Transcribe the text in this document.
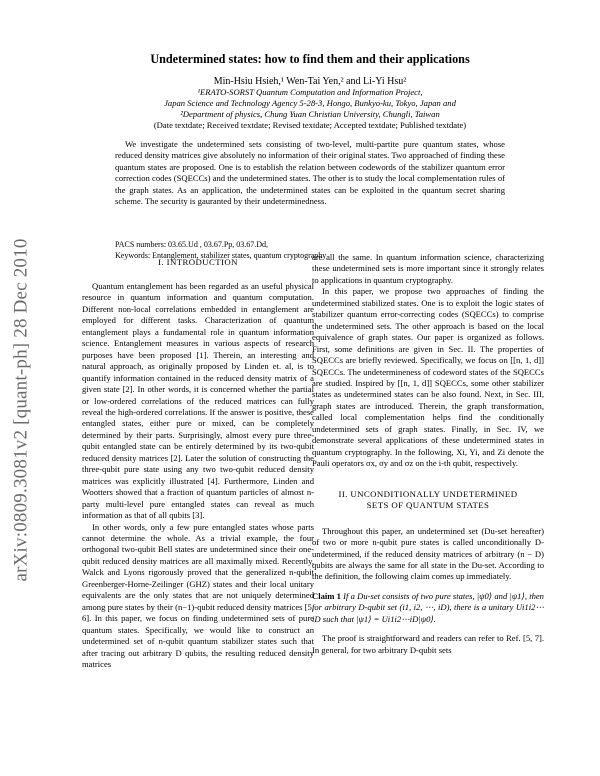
arXiv:0809.3081v2 [quant-ph] 28 Dec 2010
Undetermined states: how to find them and their applications
Min-Hsiu Hsieh,¹ Wen-Tai Yen,² and Li-Yi Hsu²
¹ERATO-SORST Quantum Computation and Information Project,
Japan Science and Technology Agency 5-28-3, Hongo, Bunkyo-ku, Tokyo, Japan and
²Department of physics, Chung Yuan Christian University, Chungli, Taiwan
(Date textdate; Received textdate; Revised textdate; Accepted textdate; Published textdate)

We investigate the undetermined sets consisting of two-level, multi-partite pure quantum states, whose reduced density matrices give absolutely no information of their original states. Two approached of finding these quantum states are proposed. One is to establish the relation between codewords of the stabilizer quantum error correction codes (SQECCs) and the undetermined states. The other is to study the local complementation rules of the graph states. As an application, the undetermined states can be exploited in the quantum secret sharing scheme. The security is gauranted by their undeterminedness.

PACS numbers: 03.65.Ud , 03.67.Pp, 03.67.Dd,
Keywords: Entanglement, stabilizer states, quantum cryptography

I. INTRODUCTION

Quantum entanglement has been regarded as an useful physical resource in quantum information and quantum computation. Different non-local correlations embedded in entanglement are employed for different tasks. Characterization of quantum entanglement plays a fundamental role in quantum information science. Entanglement measures in various aspects of research purposes have been proposed [1]. Therein, an interesting and natural approach, as originally proposed by Linden et. al, is to quantify information contained in the reduced density matrix of a given state [2]. In other words, it is concerned whether the partial or low-ordered correlations of the reduced matrices can fully reveal the high-ordered correlations. If the answer is positive, these entangled states, either pure or mixed, can be completely determined by their parts. Surprisingly, almost every pure three-qubit entangled state can be entirely determined by its two-qubit reduced density matrices [2]. Later the solution of constructing the three-qubit pure state using any two two-qubit reduced density matrices was explicitly illustrated [4]. Furthermore, Linden and Wootters showed that a fraction of quantum particles of almost n-party multi-level pure entangled states can reveal as much information as that of all qubits [3].

In other words, only a few pure entangled states whose parts cannot determine the whole. As a trivial example, the four orthogonal two-qubit Bell states are undetermined since their one-qubit reduced density matrices are all maximally mixed. Recently, Walck and Lyons rigorously proved that the generalized n-qubit Greenberger-Horne-Zeilinger (GHZ) states and their local unitary equivalents are the only states that are not uniquely determined among pure states by their (n−1)-qubit reduced density matrices [5, 6]. In this paper, we focus on finding undetermined sets of pure quantum states. Specifically, we would like to construct an undetermined set of n-qubit quantum stabilizer states such that after tracing out arbitrary D qubits, the resulting reduced density matrices

are all the same. In quantum information science, characterizing these undetermined sets is more important since it strongly relates to applications in quantum cryptography.

In this paper, we propose two approaches of finding the undetermined stabilized states. One is to exploit the logic states of stabilizer quantum error-correcting codes (SQECCs) to comprise the undetermined sets. The other approach is based on the local equivalence of graph states. Our paper is organized as follows. First, some definitions are given in Sec. II. The properties of SQECCs are briefly reviewed. Specifically, we focus on [[n, 1, d]] SQECCs. The undetermineness of codeword states of the SQECCs are studied. Inspired by [[n, 1, d]] SQECCs, some other stabilizer states as undetermined states can be also found. Next, in Sec. III, graph states are introduced. Therein, the graph transformation, called local complementation helps find the conditionally undetermined sets of graph states. Finally, in Sec. IV, we demonstrate several applications of these undetermined states in quantum cryptography. In the following, Xi, Yi, and Zi denote the Pauli operators σx, σy and σz on the i-th qubit, respectively.

II. UNCONDITIONALLY UNDETERMINED

SETS OF QUANTUM STATES

Throughout this paper, an undetermined set (Du-set hereafter) of two or more n-qubit pure states is called unconditionally D-undetermined, if the reduced density matrices of arbitrary (n − D) qubits are always the same for all state in the Du-set. According to the definition, the following claim comes up immediately.

Claim 1 If a Du-set consists of two pure states, |ψ0⟩ and |ψ1⟩, then for arbitrary D-qubit set (i1, i2, ⋯, iD), there is a unitary Ui1i2⋯iD such that |ψ1⟩ = Ui1i2⋯iD|ψ0⟩.

The proof is straightforward and readers can refer to Ref. [5, 7]. In general, for two arbitrary D-qubit sets
